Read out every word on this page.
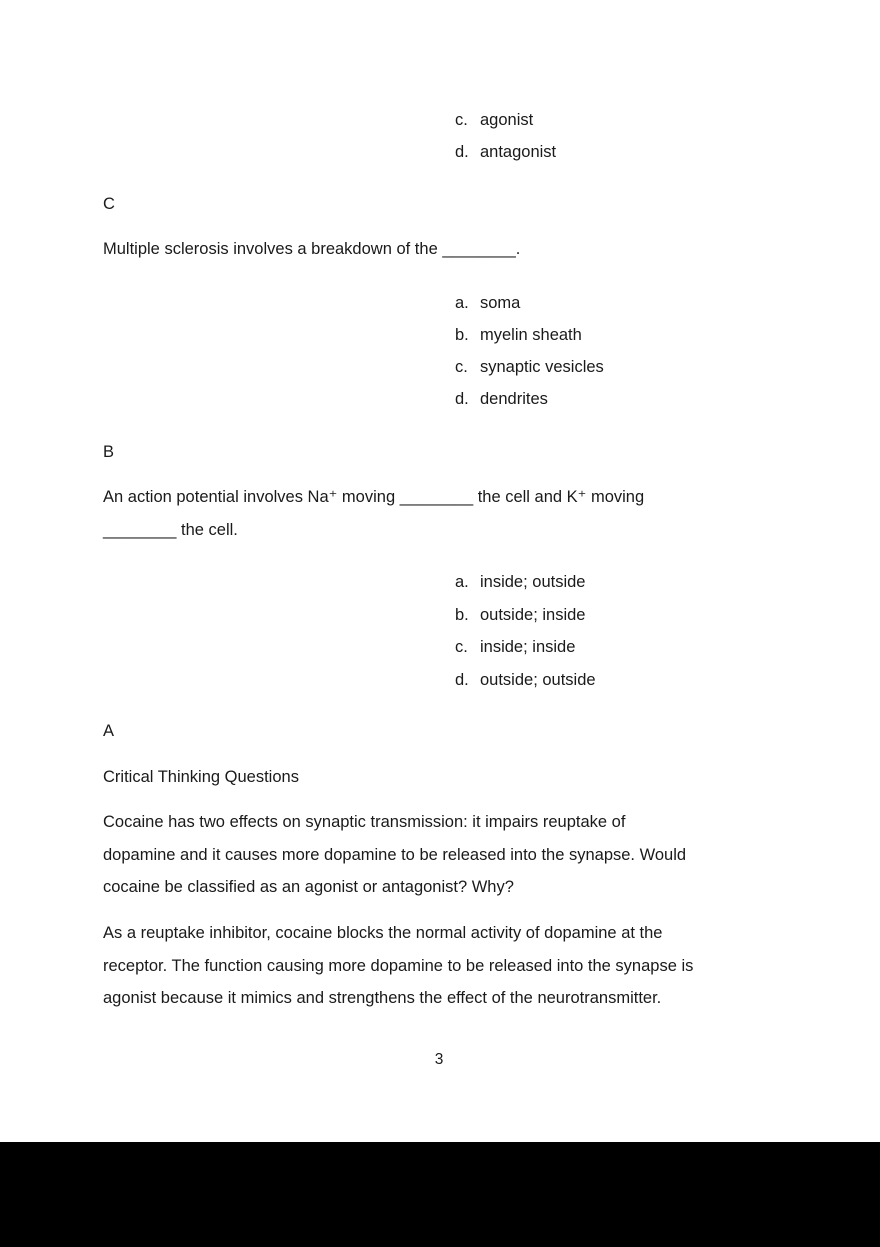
c. agonist
d. antagonist
C
Multiple sclerosis involves a breakdown of the ________.
a. soma
b. myelin sheath
c. synaptic vesicles
d. dendrites
B
An action potential involves Na⁺ moving ________ the cell and K⁺ moving
________ the cell.
a. inside; outside
b. outside; inside
c. inside; inside
d. outside; outside
A
Critical Thinking Questions
Cocaine has two effects on synaptic transmission: it impairs reuptake of
dopamine and it causes more dopamine to be released into the synapse. Would
cocaine be classified as an agonist or antagonist? Why?
As a reuptake inhibitor, cocaine blocks the normal activity of dopamine at the
receptor. The function causing more dopamine to be released into the synapse is
agonist because it mimics and strengthens the effect of the neurotransmitter.
3
